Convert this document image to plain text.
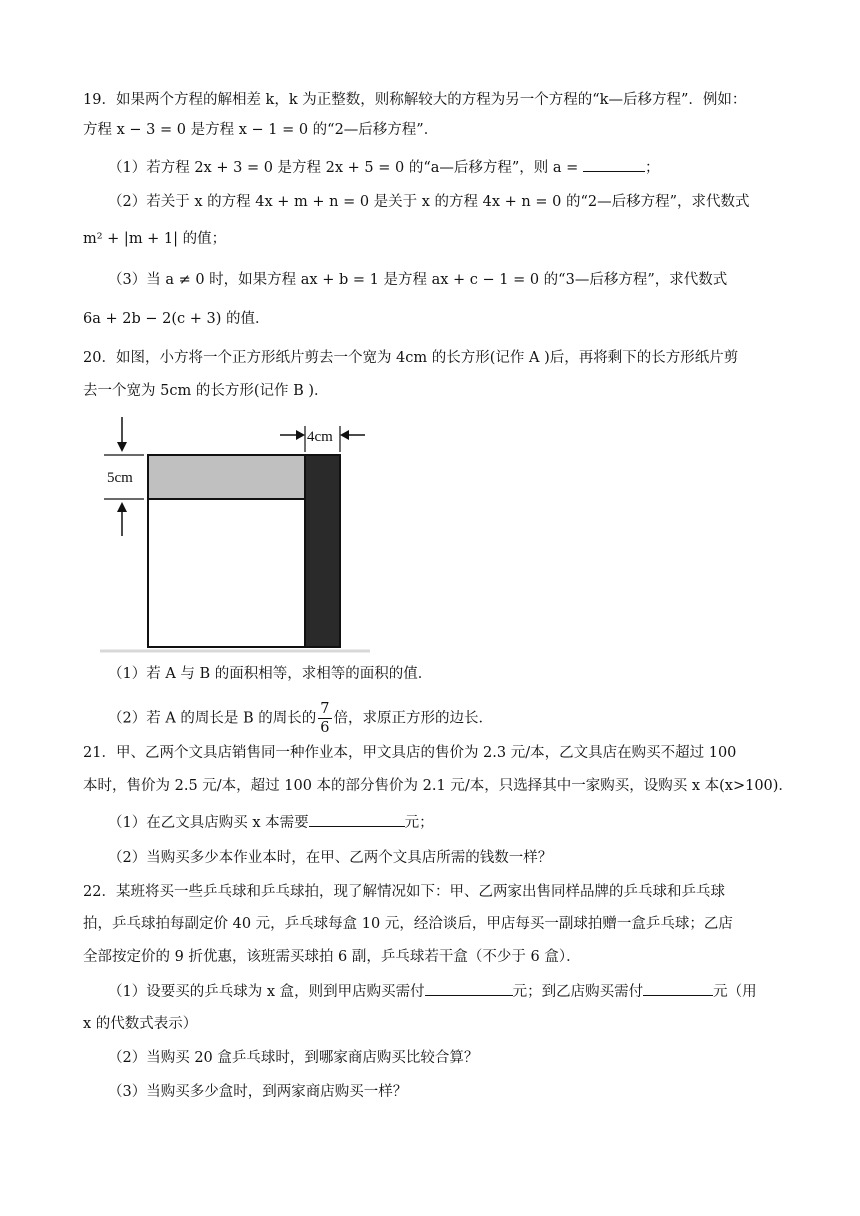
19．如果两个方程的解相差 k，k 为正整数，则称解较大的方程为另一个方程的“k—后移方程”．例如：
方程 x − 3 = 0 是方程 x − 1 = 0 的“2—后移方程”．
（1）若方程 2x + 3 = 0 是方程 2x + 5 = 0 的“a—后移方程”，则 a =	；
（2）若关于 x 的方程 4x + m + n = 0 是关于 x 的方程 4x + n = 0 的“2—后移方程”，求代数式
m² + |m + 1| 的值；
（3）当 a ≠ 0 时，如果方程 ax + b = 1 是方程 ax + c − 1 = 0 的“3—后移方程”，求代数式
6a + 2b − 2(c + 3) 的值．
20．如图，小方将一个正方形纸片剪去一个宽为 4cm 的长方形(记作 A )后，再将剩下的长方形纸片剪
去一个宽为 5cm 的长方形(记作 B )．
5cm
4cm
（1）若 A 与 B 的面积相等，求相等的面积的值．
（2）若 A 的周长是 B 的周长的 $\frac{7}{6}$ 倍，求原正方形的边长．
21．甲、乙两个文具店销售同一种作业本，甲文具店的售价为 2.3 元/本，乙文具店在购买不超过 100
本时，售价为 2.5 元/本，超过 100 本的部分售价为 2.1 元/本，只选择其中一家购买，设购买 x 本(x>100)．
（1）在乙文具店购买 x 本需要	元；
（2）当购买多少本作业本时，在甲、乙两个文具店所需的钱数一样？
22．某班将买一些乒乓球和乒乓球拍，现了解情况如下：甲、乙两家出售同样品牌的乒乓球和乒乓球
拍，乒乓球拍每副定价 40 元，乒乓球每盒 10 元，经洽谈后，甲店每买一副球拍赠一盒乒乓球；乙店
全部按定价的 9 折优惠，该班需买球拍 6 副，乒乓球若干盒（不少于 6 盒）．
（1）设要买的乒乓球为 x 盒，则到甲店购买需付	元；到乙店购买需付	元（用
x 的代数式表示）
（2）当购买 20 盒乒乓球时，到哪家商店购买比较合算？
（3）当购买多少盒时，到两家商店购买一样？
